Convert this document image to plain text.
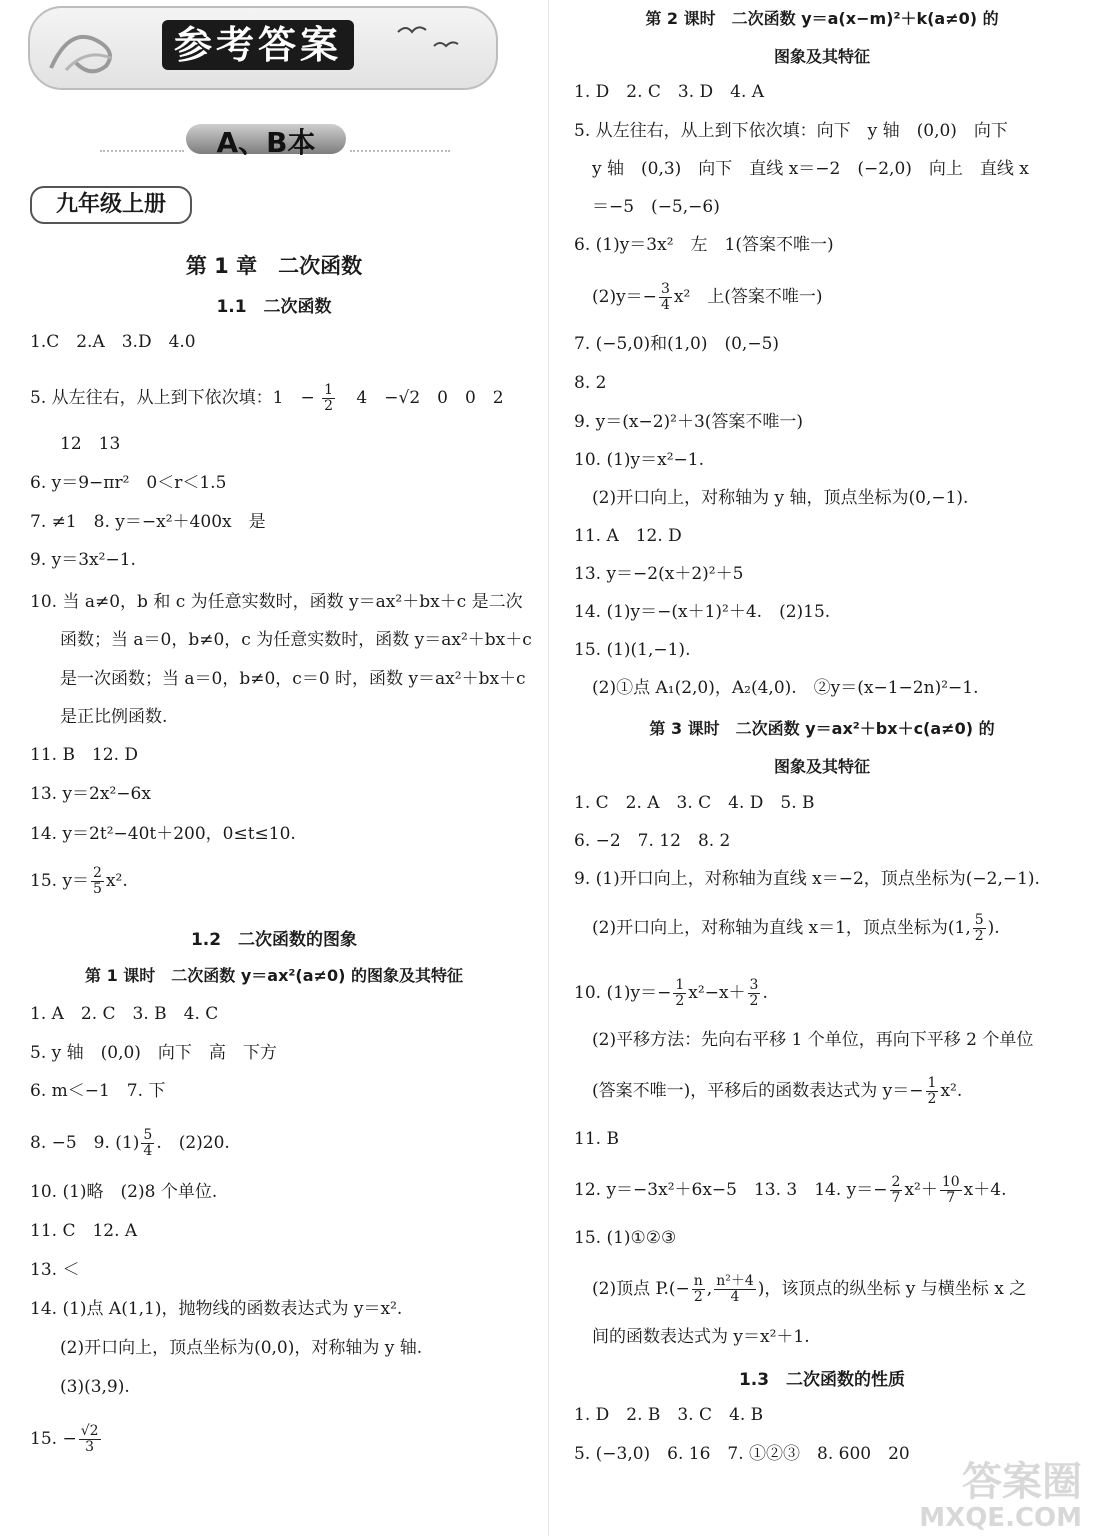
参考答案
A、B本
九年级上册
第 1 章　二次函数
1.1　二次函数
1.C　2.A　3.D　4.0
5. 从左往右，从上到下依次填：1　− $\frac{1}{2} 4$　−√2　0　0　2
12　13
6. y＝9−πr²　0＜r＜1.5
7. ≠1　8. y＝−x²＋400x　是
9. y＝3x²−1.
10. 当 a≠0，b 和 c 为任意实数时，函数 y＝ax²＋bx＋c 是二次
函数；当 a＝0，b≠0，c 为任意实数时，函数 y＝ax²＋bx＋c
是一次函数；当 a＝0，b≠0，c＝0 时，函数 y＝ax²＋bx＋c
是正比例函数.
11. B　12. D
13. y＝2x²−6x
14. y＝2t²−40t＋200，0≤t≤10.
15. $y= \frac{2}{5} x^2$.
1.2　二次函数的图象
第 1 课时　二次函数 y＝ax²(a≠0) 的图象及其特征
1. A　2. C　3. B　4. C
5. y 轴　(0,0)　向下　高　下方
6. m＜−1　7. 下
8. −5　9. $(1) \frac{5}{4}$ .　(2)20.
10. (1)略　(2)8 个单位.
11. C　12. A
13. ＜
14. (1)点 A(1,1)，抛物线的函数表达式为 y＝x².
(2)开口向上，顶点坐标为(0,0)，对称轴为 y 轴.
(3)(3,9).
15. − $\frac{√2}{3}$
第 2 课时　二次函数 y＝a(x−m)²＋k(a≠0) 的
图象及其特征
1. D　2. C　3. D　4. A
5. 从左往右，从上到下依次填：向下　y 轴　(0,0)　向下
y 轴　(0,3)　向下　直线 x＝−2　(−2,0)　向上　直线 x
＝−5　(−5,−6)
6. (1)y＝3x²　左　1(答案不唯一)
$(2)y=- \frac{3}{4} x^2$　上(答案不唯一)
7. (−5,0)和(1,0)　(0,−5)
8. 2
9. y＝(x−2)²＋3(答案不唯一)
10. (1)y＝x²−1.
(2)开口向上，对称轴为 y 轴，顶点坐标为(0,−1).
11. A　12. D
13. y＝−2(x＋2)²＋5
14. (1)y＝−(x＋1)²＋4.　(2)15.
15. (1)(1,−1).
(2)①点 A₁(2,0)，A₂(4,0).　②y＝(x−1−2n)²−1.
第 3 课时　二次函数 y＝ax²＋bx＋c(a≠0) 的
图象及其特征
1. C　2. A　3. C　4. D　5. B
6. −2　7. 12　8. 2
9. (1)开口向上，对称轴为直线 x＝−2，顶点坐标为(−2,−1).
(2)开口向上，对称轴为直线 x＝1，顶点坐标为(1, $\frac{5}{2}$ ).
10. $(1)y=- \frac{1}{2} x^2-x+ \frac{3}{2}$ .
(2)平移方法：先向右平移 1 个单位，再向下平移 2 个单位
(答案不唯一)，平移后的函数表达式为 $y=- \frac{1}{2} x^2$.
11. B
12. y＝−3x²＋6x−5　13. 3　14. $y=- \frac{2}{7} x^2+ \frac{10}{7} x+4$.
15. (1)①②③
(2)顶点 $P.(- \frac{n}{2}$ , $\frac{\text{n²＋4}}{4}$ )，该顶点的纵坐标 y 与横坐标 x 之
间的函数表达式为 y＝x²＋1.
1.3　二次函数的性质
1. D　2. B　3. C　4. B
5. (−3,0)　6. 16　7. ①②③　8. 600　20
答案圈
MXQE.COM
